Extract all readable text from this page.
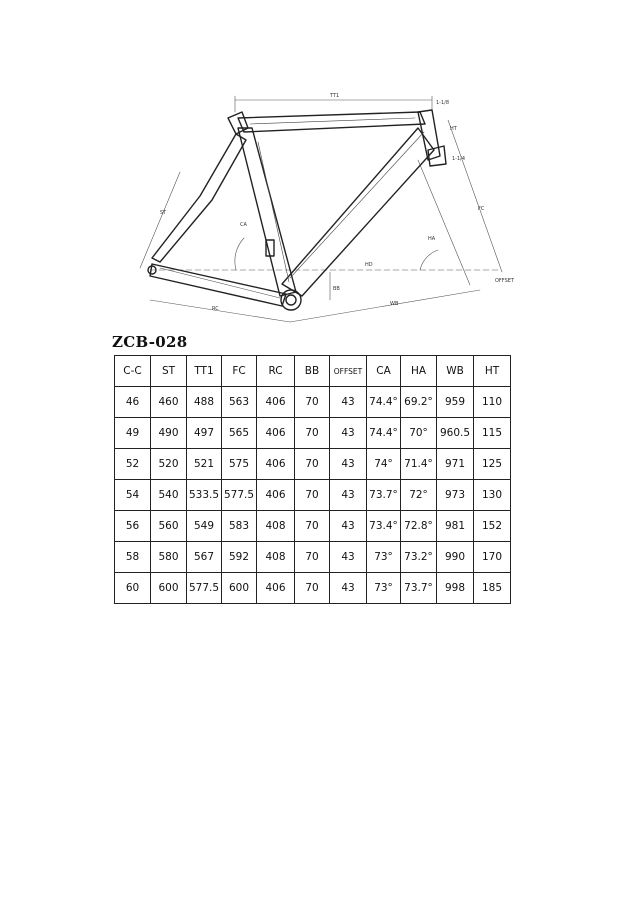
TT1
1-1/8
1-1/4
ST
HT
FC
HD
RC
OFFSET
WB
BB
HA
CA
ZCB-028
C-C	ST	TT1	FC	RC	BB	OFFSET	CA	HA	WB	HT
46	460	488	563	406	70	43	74.4°	69.2°	959	110
49	490	497	565	406	70	43	74.4°	70°	960.5	115
52	520	521	575	406	70	43	74°	71.4°	971	125
54	540	533.5	577.5	406	70	43	73.7°	72°	973	130
56	560	549	583	408	70	43	73.4°	72.8°	981	152
58	580	567	592	408	70	43	73°	73.2°	990	170
60	600	577.5	600	406	70	43	73°	73.7°	998	185
